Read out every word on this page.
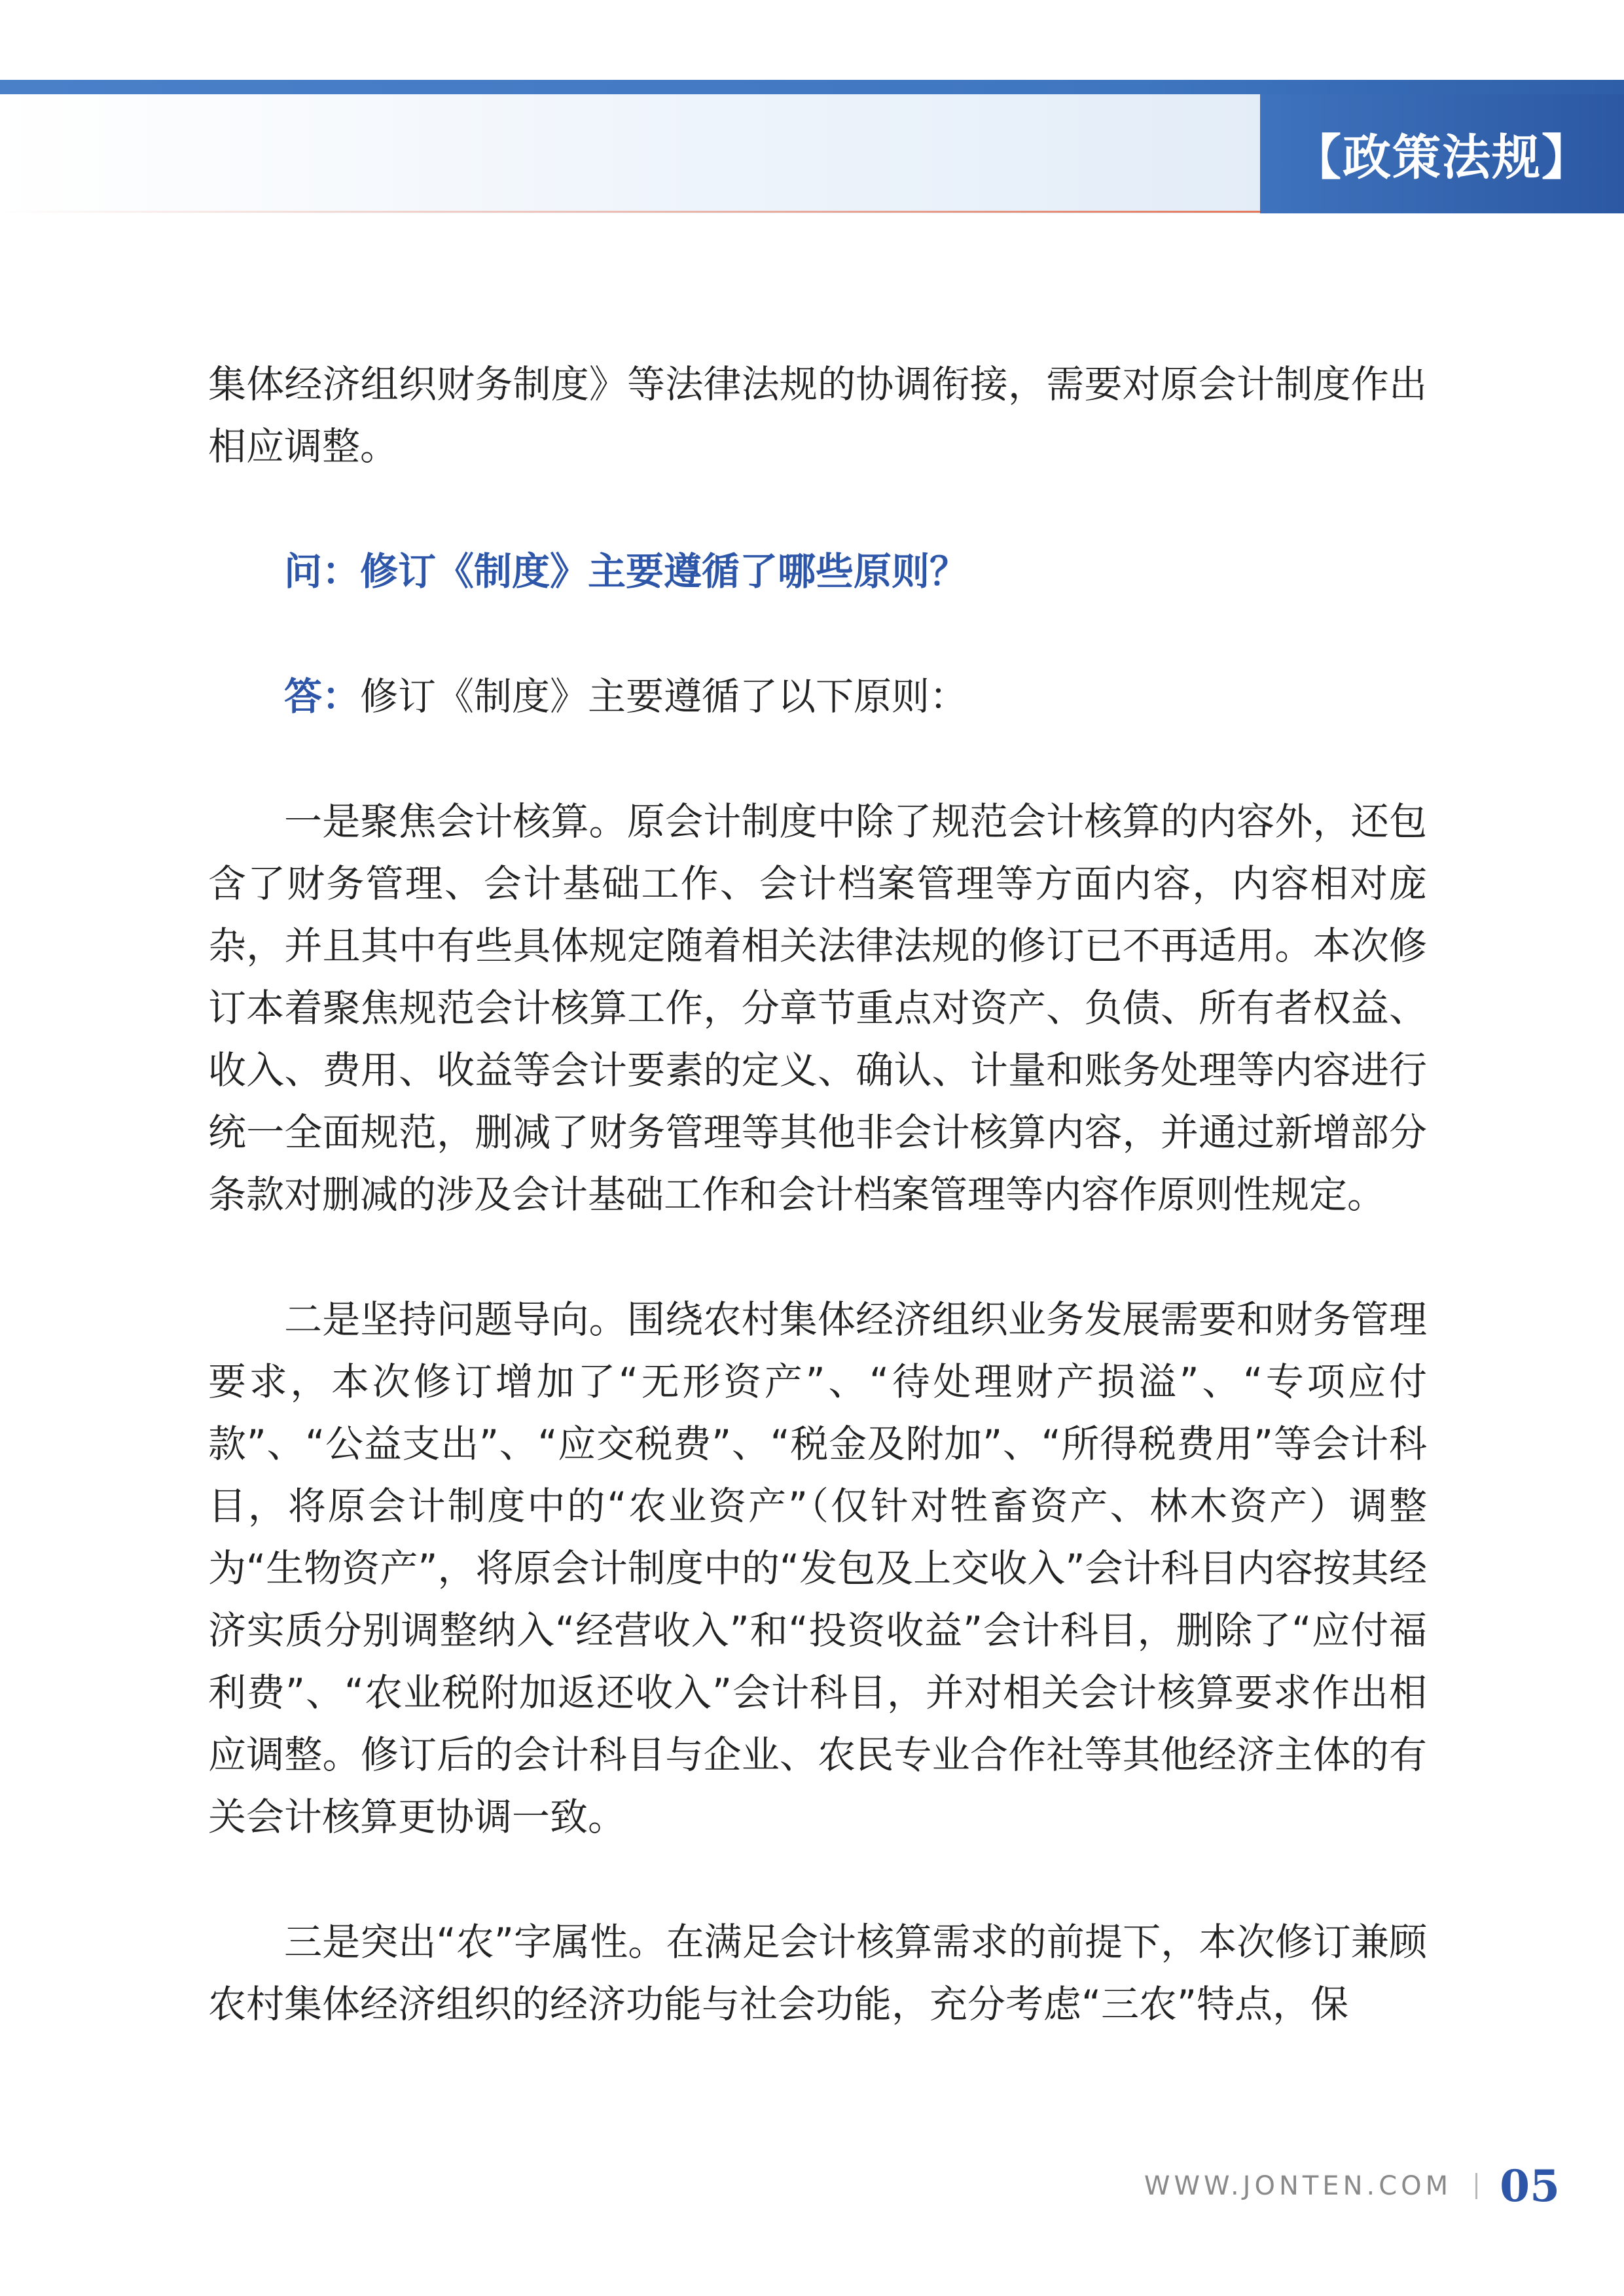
【政策法规】

集体经济组织财务制度》等法律法规的协调衔接，需要对原会计制度作出相应调整。

问：修订《制度》主要遵循了哪些原则？

答：修订《制度》主要遵循了以下原则：

一是聚焦会计核算。原会计制度中除了规范会计核算的内容外，还包含了财务管理、会计基础工作、会计档案管理等方面内容，内容相对庞杂，并且其中有些具体规定随着相关法律法规的修订已不再适用。本次修订本着聚焦规范会计核算工作，分章节重点对资产、负债、所有者权益、收入、费用、收益等会计要素的定义、确认、计量和账务处理等内容进行统一全面规范，删减了财务管理等其他非会计核算内容，并通过新增部分条款对删减的涉及会计基础工作和会计档案管理等内容作原则性规定。

二是坚持问题导向。围绕农村集体经济组织业务发展需要和财务管理要求，本次修订增加了“无形资产”、“待处理财产损溢”、“专项应付款”、“公益支出”、“应交税费”、“税金及附加”、“所得税费用”等会计科目，将原会计制度中的“农业资产”（仅针对牲畜资产、林木资产）调整为“生物资产”，将原会计制度中的“发包及上交收入”会计科目内容按其经济实质分别调整纳入“经营收入”和“投资收益”会计科目，删除了“应付福利费”、“农业税附加返还收入”会计科目，并对相关会计核算要求作出相应调整。修订后的会计科目与企业、农民专业合作社等其他经济主体的有关会计核算更协调一致。

三是突出“农”字属性。在满足会计核算需求的前提下，本次修订兼顾农村集体经济组织的经济功能与社会功能，充分考虑“三农”特点，保

WWW.JONTEN.COM 05
